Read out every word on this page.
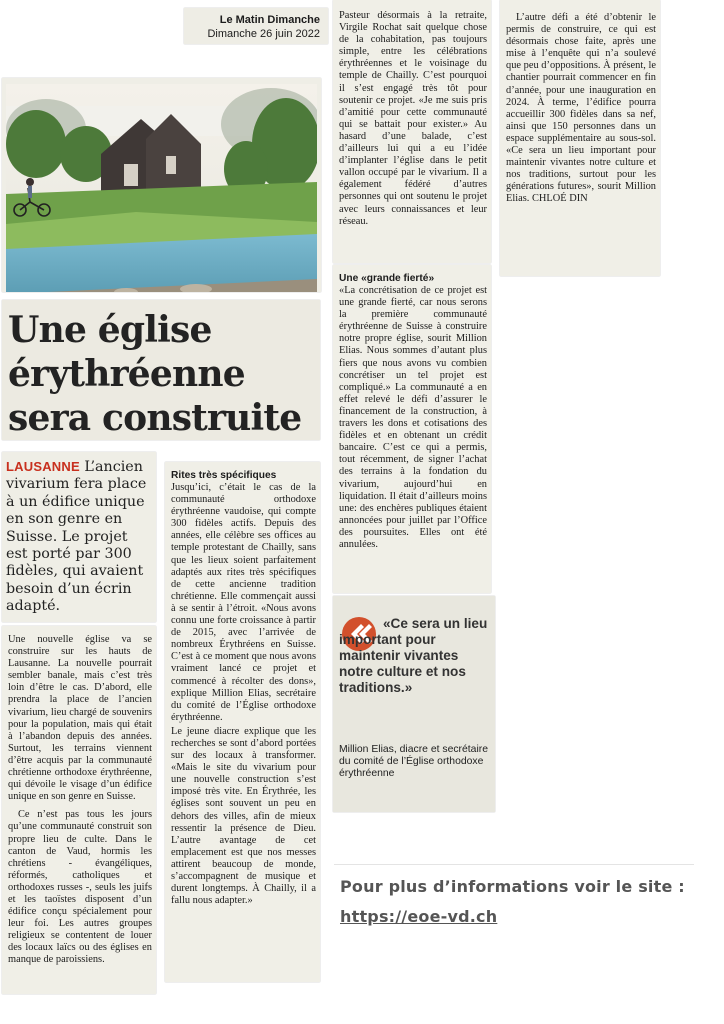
Le Matin Dimanche
Dimanche 26 juin 2022
Une église
érythréenne
sera construite

LAUSANNE L’ancien vivarium fera place à un édifice unique en son genre en Suisse. Le projet est porté par 300 fidèles, qui avaient besoin d’un écrin adapté.

Une nouvelle église va se construire sur les hauts de Lausanne. La nouvelle pourrait sembler banale, mais c’est très loin d’être le cas. D’abord, elle prendra la place de l’ancien vivarium, lieu chargé de souvenirs pour la population, mais qui était à l’abandon depuis des années. Surtout, les terrains viennent d’être acquis par la communauté chrétienne orthodoxe érythréenne, qui dévoile le visage d’un édifice unique en son genre en Suisse.

Ce n’est pas tous les jours qu’une communauté construit son propre lieu de culte. Dans le canton de Vaud, hormis les chrétiens - évangéliques, réformés, catholiques et orthodoxes russes -, seuls les juifs et les taoïstes disposent d’un édifice conçu spécialement pour leur foi. Les autres groupes religieux se contentent de louer des locaux laïcs ou des églises en manque de paroissiens.

Rites très spécifiques

Jusqu’ici, c’était le cas de la communauté orthodoxe érythréenne vaudoise, qui compte 300 fidèles actifs. Depuis des années, elle célèbre ses offices au temple protestant de Chailly, sans que les lieux soient parfaitement adaptés aux rites très spécifiques de cette ancienne tradition chrétienne. Elle commençait aussi à se sentir à l’étroit. «Nous avons connu une forte croissance à partir de 2015, avec l’arrivée de nombreux Érythréens en Suisse. C’est à ce moment que nous avons vraiment lancé ce projet et commencé à récolter des dons», explique Million Elias, secrétaire du comité de l’Église orthodoxe érythréenne.

Le jeune diacre explique que les recherches se sont d’abord portées sur des locaux à transformer. «Mais le site du vivarium pour une nouvelle construction s’est imposé très vite. En Érythrée, les églises sont souvent un peu en dehors des villes, afin de mieux ressentir la présence de Dieu. L’autre avantage de cet emplacement est que nos messes attirent beaucoup de monde, s’accompagnent de musique et durent longtemps. À Chailly, il a fallu nous adapter.»

Pasteur désormais à la retraite, Virgile Rochat sait quelque chose de la cohabitation, pas toujours simple, entre les célébrations érythréennes et le voisinage du temple de Chailly. C’est pourquoi il s’est engagé très tôt pour soutenir ce projet. «Je me suis pris d’amitié pour cette communauté qui se battait pour exister.» Au hasard d’une balade, c’est d’ailleurs lui qui a eu l’idée d’implanter l’église dans le petit vallon occupé par le vivarium. Il a également fédéré d’autres personnes qui ont soutenu le projet avec leurs connaissances et leur réseau.

Une «grande fierté»

«La concrétisation de ce projet est une grande fierté, car nous serons la première communauté érythréenne de Suisse à construire notre propre église, sourit Million Elias. Nous sommes d’autant plus fiers que nous avons vu combien concrétiser un tel projet est compliqué.» La communauté a en effet relevé le défi d’assurer le financement de la construction, à travers les dons et cotisations des fidèles et en obtenant un crédit bancaire. C’est ce qui a permis, tout récemment, de signer l’achat des terrains à la fondation du vivarium, aujourd’hui en liquidation. Il était d’ailleurs moins une: des enchères publiques étaient annoncées pour juillet par l’Office des poursuites. Elles ont été annulées.

«Ce sera un lieu important pour maintenir vivantes notre culture et nos traditions.»
Million Elias, diacre et secrétaire du comité de l’Église orthodoxe érythréenne

L’autre défi a été d’obtenir le permis de construire, ce qui est désormais chose faite, après une mise à l’enquête qui n’a soulevé que peu d’oppositions. À présent, le chantier pourrait commencer en fin d’année, pour une inauguration en 2024. À terme, l’édifice pourra accueillir 300 fidèles dans sa nef, ainsi que 150 personnes dans un espace supplémentaire au sous-sol. «Ce sera un lieu important pour maintenir vivantes notre culture et nos traditions, surtout pour les générations futures», sourit Million Elias. CHLOÉ DIN

Pour plus d’informations voir le site :
https://eoe-vd.ch
